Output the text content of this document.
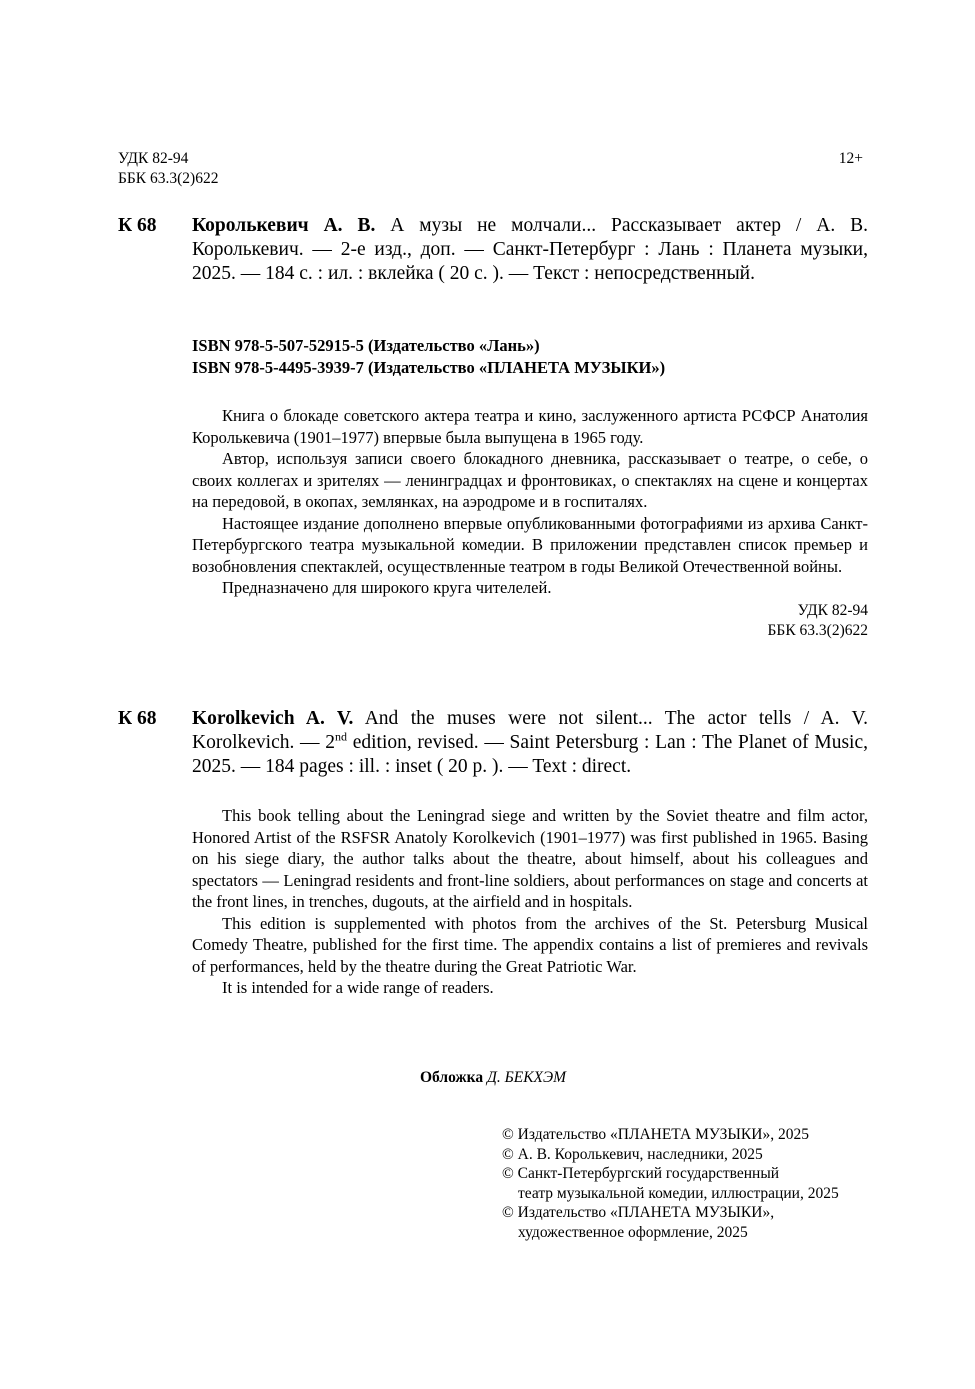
УДК 82-94
ББК 63.3(2)622
12+
К 68 Королькевич А. В. А музы не молчали... Рассказывает актер / А. В. Королькевич. — 2-е изд., доп. — Санкт-Петербург : Лань : Планета музыки, 2025. — 184 с. : ил. : вклейка ( 20 с. ). — Текст : непосредственный.
ISBN 978-5-507-52915-5 (Издательство «Лань»)
ISBN 978-5-4495-3939-7 (Издательство «ПЛАНЕТА МУЗЫКИ»)

Книга о блокаде советского актера театра и кино, заслуженного артиста РСФСР Анатолия Королькевича (1901–1977) впервые была выпущена в 1965 году.

Автор, используя записи своего блокадного дневника, рассказывает о театре, о себе, о своих коллегах и зрителях — ленинградцах и фронтовиках, о спектаклях на сцене и концертах на передовой, в окопах, землянках, на аэродроме и в госпиталях.

Настоящее издание дополнено впервые опубликованными фотографиями из архива Санкт-Петербургского театра музыкальной комедии. В приложении представлен список премьер и возобновления спектаклей, осуществленные театром в годы Великой Отечественной войны.

Предназначено для широкого круга чителелей.

УДК 82-94
ББК 63.3(2)622
К 68 Korolkevich A. V. And the muses were not silent... The actor tells / A. V. Korolkevich. — 2nd edition, revised. — Saint Petersburg : Lan : The Planet of Music, 2025. — 184 pages : ill. : inset ( 20 p. ). — Text : direct.

This book telling about the Leningrad siege and written by the Soviet theatre and film actor, Honored Artist of the RSFSR Anatoly Korolkevich (1901–1977) was first published in 1965. Basing on his siege diary, the author talks about the theatre, about himself, about his colleagues and spectators — Leningrad residents and front-line soldiers, about performances on stage and concerts at the front lines, in trenches, dugouts, at the airfield and in hospitals.

This edition is supplemented with photos from the archives of the St. Petersburg Musical Comedy Theatre, published for the first time. The appendix contains a list of premieres and revivals of performances, held by the theatre during the Great Patriotic War.

It is intended for a wide range of readers.

Обложка Д. БЕКХЭМ
© Издательство «ПЛАНЕТА МУЗЫКИ», 2025
© А. В. Королькевич, наследники, 2025
© Санкт-Петербургский государственный
театр музыкальной комедии, иллюстрации, 2025
© Издательство «ПЛАНЕТА МУЗЫКИ»,
художественное оформление, 2025
